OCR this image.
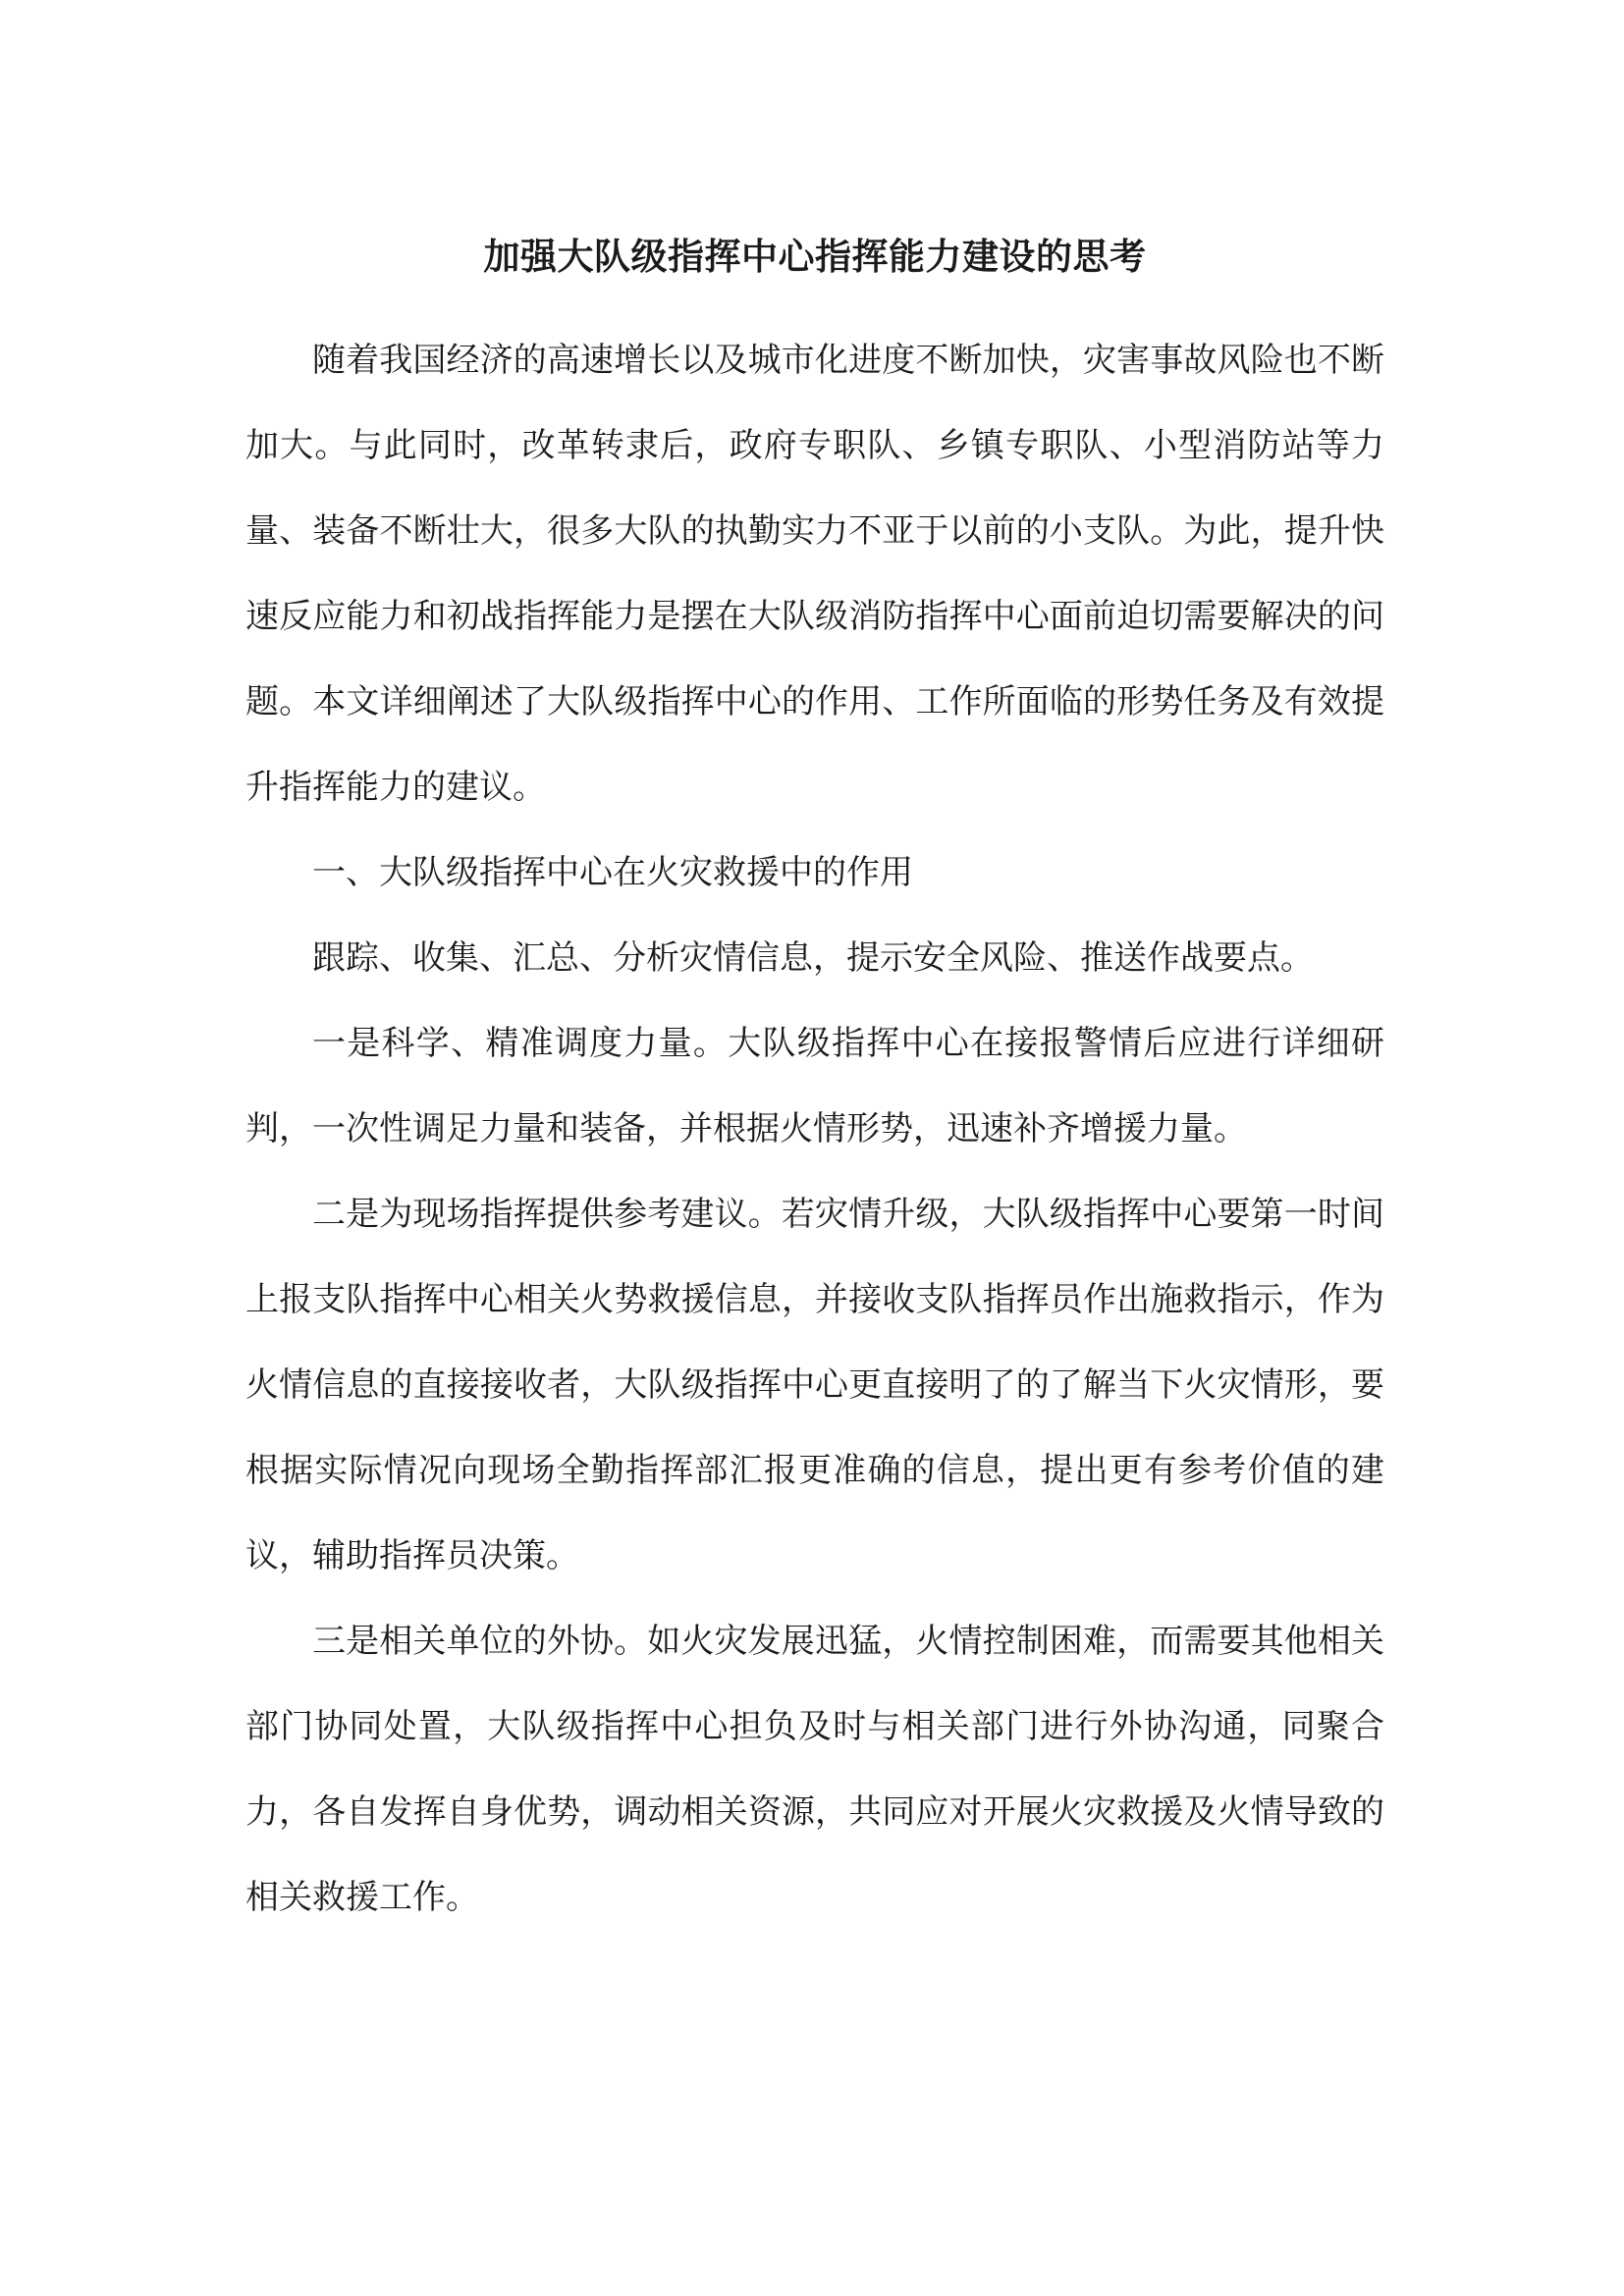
加强大队级指挥中心指挥能力建设的思考

随着我国经济的高速增长以及城市化进度不断加快，灾害事故风险也不断加大。与此同时，改革转隶后，政府专职队、乡镇专职队、小型消防站等力量、装备不断壮大，很多大队的执勤实力不亚于以前的小支队。为此，提升快速反应能力和初战指挥能力是摆在大队级消防指挥中心面前迫切需要解决的问题。本文详细阐述了大队级指挥中心的作用、工作所面临的形势任务及有效提升指挥能力的建议。

一、大队级指挥中心在火灾救援中的作用

跟踪、收集、汇总、分析灾情信息，提示安全风险、推送作战要点。

一是科学、精准调度力量。大队级指挥中心在接报警情后应进行详细研判，一次性调足力量和装备，并根据火情形势，迅速补齐增援力量。

二是为现场指挥提供参考建议。若灾情升级，大队级指挥中心要第一时间上报支队指挥中心相关火势救援信息，并接收支队指挥员作出施救指示，作为火情信息的直接接收者，大队级指挥中心更直接明了的了解当下火灾情形，要根据实际情况向现场全勤指挥部汇报更准确的信息，提出更有参考价值的建议，辅助指挥员决策。

三是相关单位的外协。如火灾发展迅猛，火情控制困难，而需要其他相关部门协同处置，大队级指挥中心担负及时与相关部门进行外协沟通，同聚合力，各自发挥自身优势，调动相关资源，共同应对开展火灾救援及火情导致的相关救援工作。
